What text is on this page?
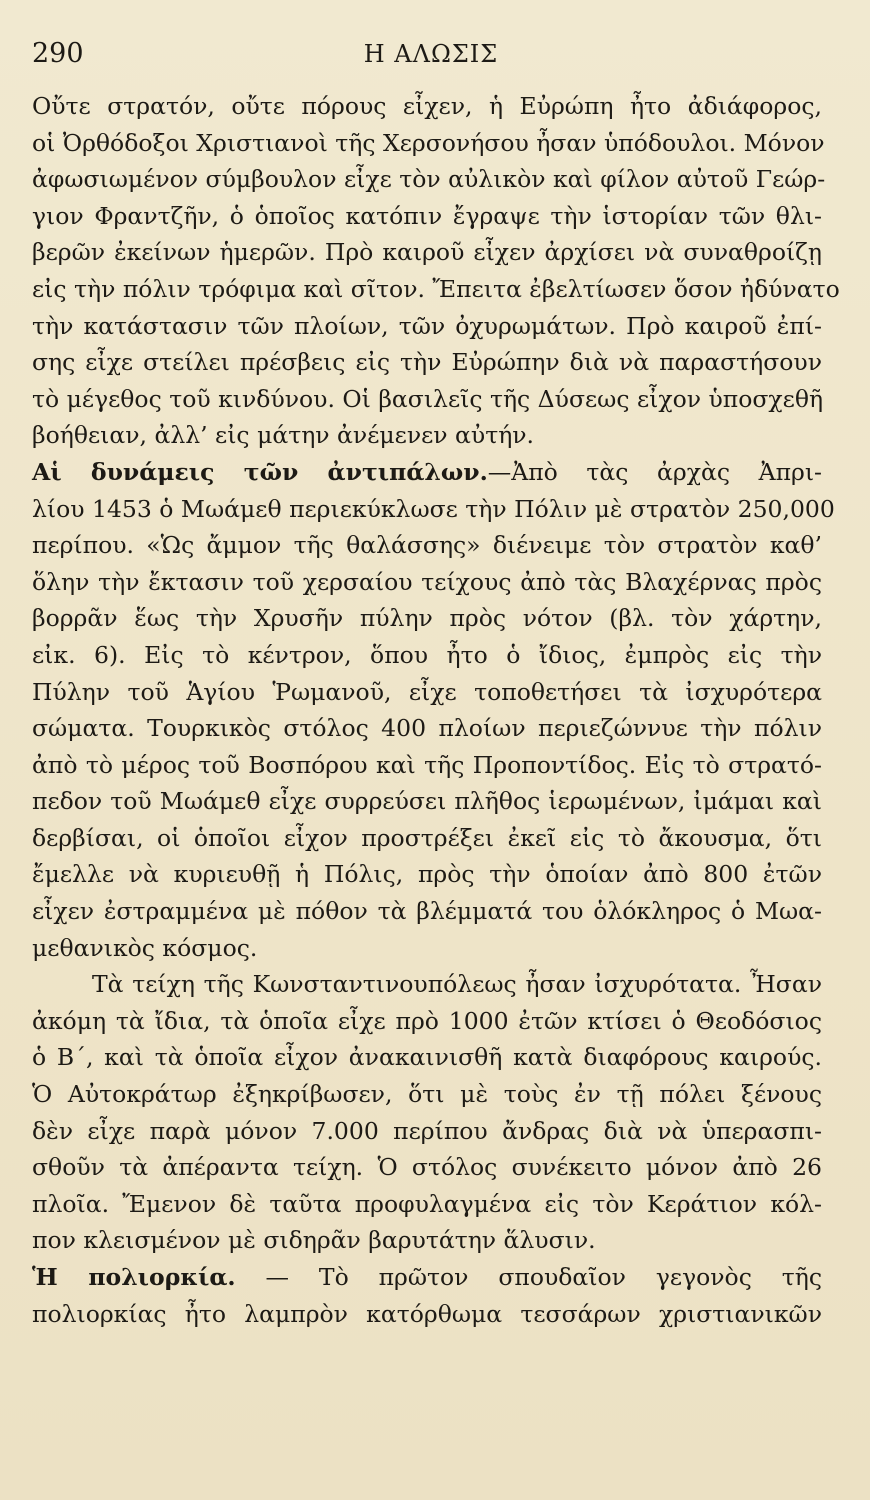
290	Η ΑΛΩΣΙΣ
Οὔτε στρατόν, οὔτε πόρους εἶχεν, ἡ Εὐρώπη ἦτο ἀδιάφορος,
οἱ Ὀρθόδοξοι Χριστιανοὶ τῆς Χερσονήσου ἦσαν ὑπόδουλοι. Μόνον
ἀφωσιωμένον σύμβουλον εἶχε τὸν αὐλικὸν καὶ φίλον αὐτοῦ Γεώρ-
γιον Φραντζῆν, ὁ ὁποῖος κατόπιν ἔγραψε τὴν ἱστορίαν τῶν θλι-
βερῶν ἐκείνων ἡμερῶν. Πρὸ καιροῦ εἶχεν ἀρχίσει νὰ συναθροίζῃ
εἰς τὴν πόλιν τρόφιμα καὶ σῖτον. Ἔπειτα ἐβελτίωσεν ὅσον ἠδύνατο
τὴν κατάστασιν τῶν πλοίων, τῶν ὀχυρωμάτων. Πρὸ καιροῦ ἐπί-
σης εἶχε στείλει πρέσβεις εἰς τὴν Εὐρώπην διὰ νὰ παραστήσουν
τὸ μέγεθος τοῦ κινδύνου. Οἱ βασιλεῖς τῆς Δύσεως εἶχον ὑποσχεθῆ
βοήθειαν, ἀλλ’ εἰς μάτην ἀνέμενεν αὐτήν.
Αἱ δυνάμεις τῶν ἀντιπάλων.—Ἀπὸ τὰς ἀρχὰς Ἀπρι-
λίου 1453 ὁ Μωάμεθ περιεκύκλωσε τὴν Πόλιν μὲ στρατὸν 250,000
περίπου. «Ὡς ἄμμον τῆς θαλάσσης» διένειμε τὸν στρατὸν καθ’
ὅλην τὴν ἔκτασιν τοῦ χερσαίου τείχους ἀπὸ τὰς Βλαχέρνας πρὸς
βορρᾶν ἕως τὴν Χρυσῆν πύλην πρὸς νότον (βλ. τὸν χάρτην,
εἰκ. 6). Εἰς τὸ κέντρον, ὅπου ἦτο ὁ ἴδιος, ἐμπρὸς εἰς τὴν
Πύλην τοῦ Ἁγίου Ῥωμανοῦ, εἶχε τοποθετήσει τὰ ἰσχυρότερα
σώματα. Τουρκικὸς στόλος 400 πλοίων περιεζώννυε τὴν πόλιν
ἀπὸ τὸ μέρος τοῦ Βοσπόρου καὶ τῆς Προποντίδος. Εἰς τὸ στρατό-
πεδον τοῦ Μωάμεθ εἶχε συρρεύσει πλῆθος ἱερωμένων, ἰμάμαι καὶ
δερβίσαι, οἱ ὁποῖοι εἶχον προστρέξει ἐκεῖ εἰς τὸ ἄκουσμα, ὅτι
ἔμελλε νὰ κυριευθῇ ἡ Πόλις, πρὸς τὴν ὁποίαν ἀπὸ 800 ἐτῶν
εἶχεν ἐστραμμένα μὲ πόθον τὰ βλέμματά του ὁλόκληρος ὁ Μωα-
μεθανικὸς κόσμος.
Τὰ τείχη τῆς Κωνσταντινουπόλεως ἦσαν ἰσχυρότατα. Ἦσαν
ἀκόμη τὰ ἴδια, τὰ ὁποῖα εἶχε πρὸ 1000 ἐτῶν κτίσει ὁ Θεοδόσιος
ὁ Β΄, καὶ τὰ ὁποῖα εἶχον ἀνακαινισθῆ κατὰ διαφόρους καιρούς.
Ὁ Αὐτοκράτωρ ἐξηκρίβωσεν, ὅτι μὲ τοὺς ἐν τῇ πόλει ξένους
δὲν εἶχε παρὰ μόνον 7.000 περίπου ἄνδρας διὰ νὰ ὑπερασπι-
σθοῦν τὰ ἀπέραντα τείχη. Ὁ στόλος συνέκειτο μόνον ἀπὸ 26
πλοῖα. Ἔμενον δὲ ταῦτα προφυλαγμένα εἰς τὸν Κεράτιον κόλ-
πον κλεισμένον μὲ σιδηρᾶν βαρυτάτην ἅλυσιν.
Ἡ πολιορκία. — Τὸ πρῶτον σπουδαῖον γεγονὸς τῆς
πολιορκίας ἦτο λαμπρὸν κατόρθωμα τεσσάρων χριστιανικῶν
